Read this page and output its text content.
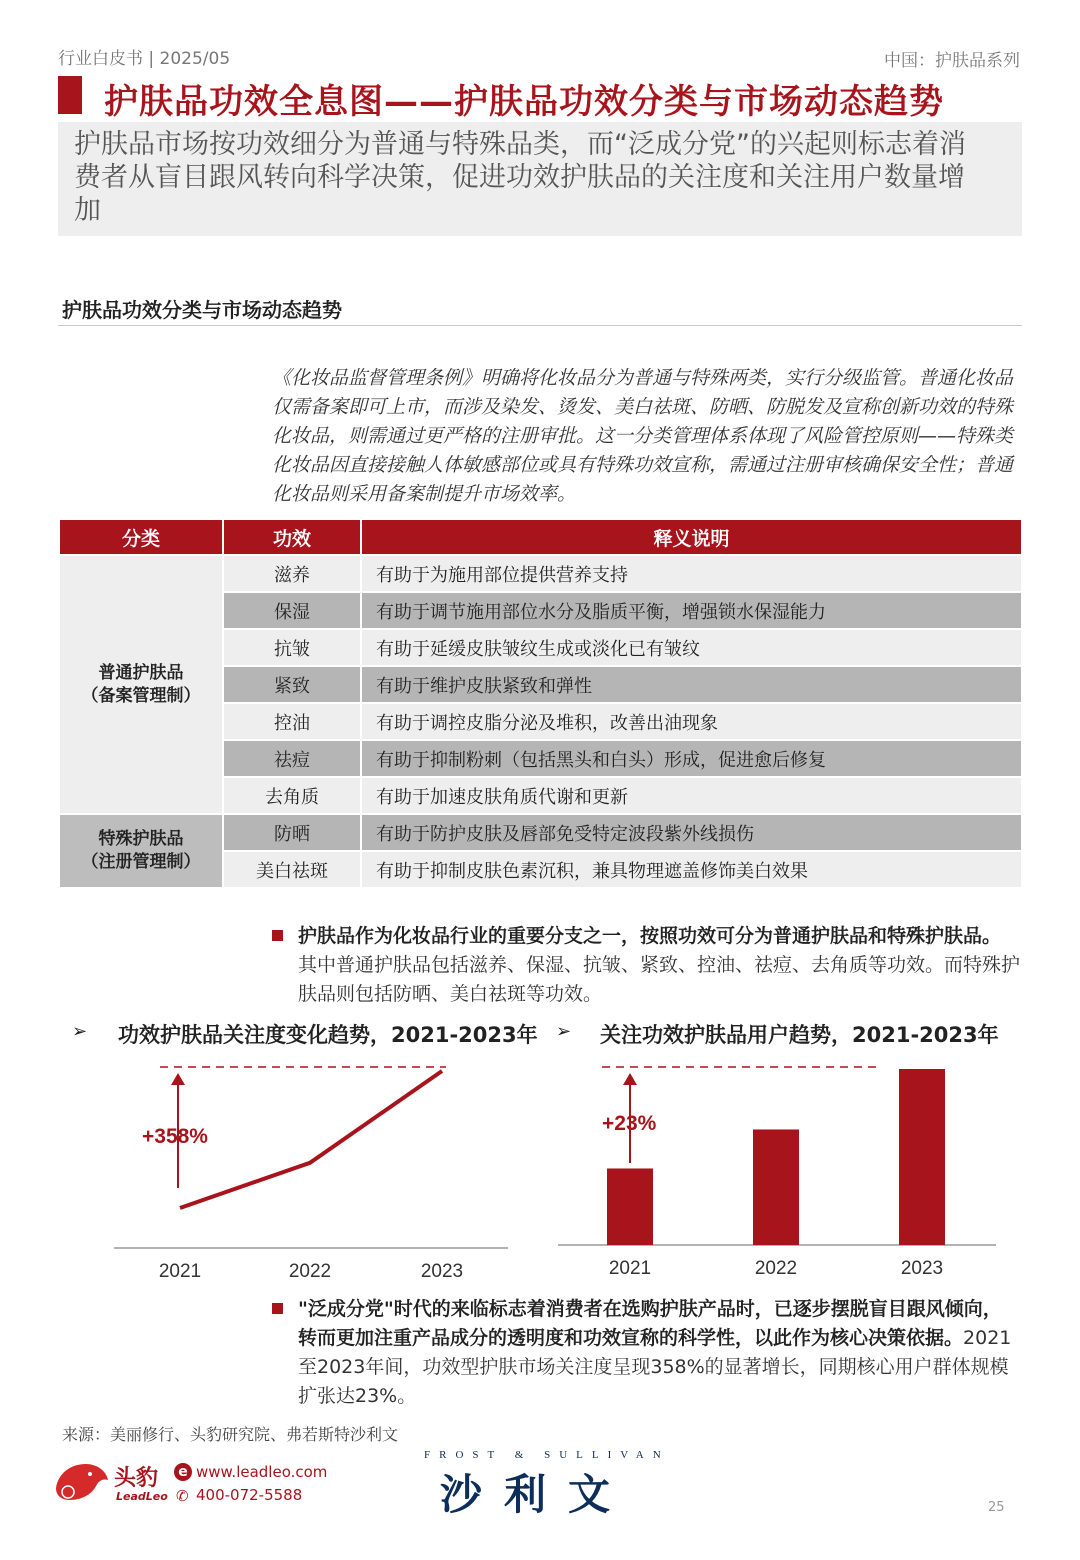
行业白皮书 | 2025/05	中国：护肤品系列
护肤品功效全息图——护肤品功效分类与市场动态趋势
护肤品市场按功效细分为普通与特殊品类，而“泛成分党”的兴起则标志着消费者从盲目跟风转向科学决策，促进功效护肤品的关注度和关注用户数量增加
护肤品功效分类与市场动态趋势
《化妆品监督管理条例》明确将化妆品分为普通与特殊两类，实行分级监管。普通化妆品仅需备案即可上市，而涉及染发、烫发、美白祛斑、防晒、防脱发及宣称创新功效的特殊化妆品，则需通过更严格的注册审批。这一分类管理体系体现了风险管控原则——特殊类化妆品因直接接触人体敏感部位或具有特殊功效宣称，需通过注册审核确保安全性；普通化妆品则采用备案制提升市场效率。
分类	功效	释义说明
普通护肤品
（备案管理制）	滋养	有助于为施用部位提供营养支持
	保湿	有助于调节施用部位水分及脂质平衡，增强锁水保湿能力
	抗皱	有助于延缓皮肤皱纹生成或淡化已有皱纹
	紧致	有助于维护皮肤紧致和弹性
	控油	有助于调控皮脂分泌及堆积，改善出油现象
	祛痘	有助于抑制粉刺（包括黑头和白头）形成，促进愈后修复
	去角质	有助于加速皮肤角质代谢和更新
特殊护肤品
（注册管理制）	防晒	有助于防护皮肤及唇部免受特定波段紫外线损伤
	美白祛斑	有助于抑制皮肤色素沉积，兼具物理遮盖修饰美白效果
护肤品作为化妆品行业的重要分支之一，按照功效可分为普通护肤品和特殊护肤品。其中普通护肤品包括滋养、保湿、抗皱、紧致、控油、祛痘、去角质等功效。而特殊护肤品则包括防晒、美白祛斑等功效。
➢ 功效护肤品关注度变化趋势，2021-2023年 ➢ 关注功效护肤品用户趋势，2021-2023年
+358%
2021	2022	2023
+23%
2021	2022	2023
"泛成分党"时代的来临标志着消费者在选购护肤产品时，已逐步摆脱盲目跟风倾向，转而更加注重产品成分的透明度和功效宣称的科学性，以此作为核心决策依据。2021至2023年间，功效型护肤市场关注度呈现358%的显著增长，同期核心用户群体规模扩张达23%。
来源：美丽修行、头豹研究院、弗若斯特沙利文
头豹
LeadLeo
e www.leadleo.com
✆ 400-072-5588
FROST & SULLIVAN
沙利文	25
